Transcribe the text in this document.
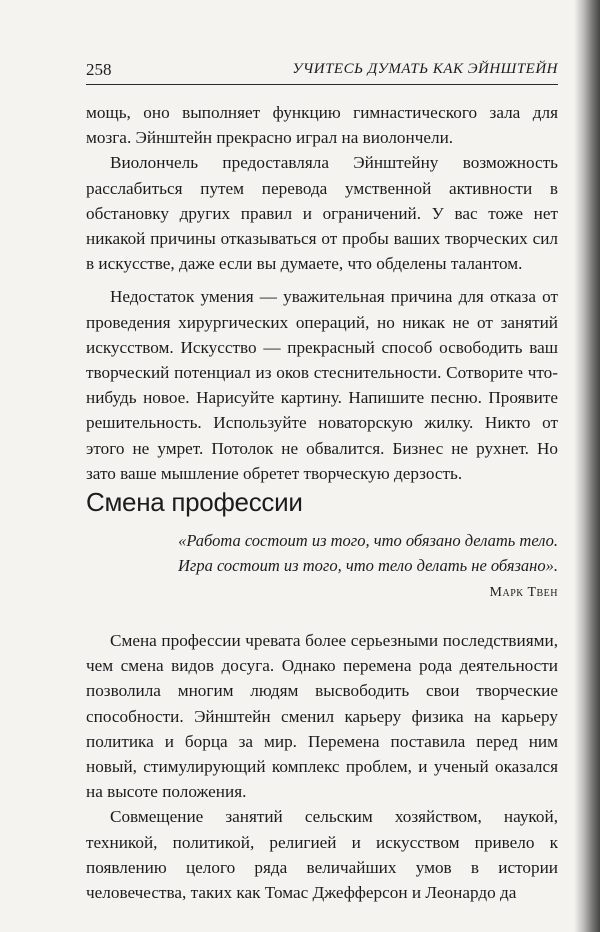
258	УЧИТЕСЬ ДУМАТЬ КАК ЭЙНШТЕЙН

мощь, оно выполняет функцию гимнастического зала для мозга. Эйнштейн прекрасно играл на виолончели.

Виолончель предоставляла Эйнштейну возможность расслабиться путем перевода умственной активности в обстановку других правил и ограничений. У вас тоже нет никакой причины отказываться от пробы ваших творческих сил в искусстве, даже если вы думаете, что обделены талантом.

Недостаток умения — уважительная причина для отказа от проведения хирургических операций, но никак не от занятий искусством. Искусство — прекрасный способ освободить ваш творческий потенциал из оков стеснительности. Сотворите что-нибудь новое. Нарисуйте картину. Напишите песню. Проявите решительность. Используйте новаторскую жилку. Никто от этого не умрет. Потолок не обвалится. Бизнес не рухнет. Но зато ваше мышление обретет творческую дерзость.

Смена профессии

«Работа состоит из того, что обязано делать тело.

Игра состоит из того, что тело делать не обязано».

Марк Твен

Смена профессии чревата более серьезными последствиями, чем смена видов досуга. Однако перемена рода деятельности позволила многим людям высвободить свои творческие способности. Эйнштейн сменил карьеру физика на карьеру политика и борца за мир. Перемена поставила перед ним новый, стимулирующий комплекс проблем, и ученый оказался на высоте положения.

Совмещение занятий сельским хозяйством, наукой, техникой, политикой, религией и искусством привело к появлению целого ряда величайших умов в истории человечества, таких как Томас Джефферсон и Леонардо да
